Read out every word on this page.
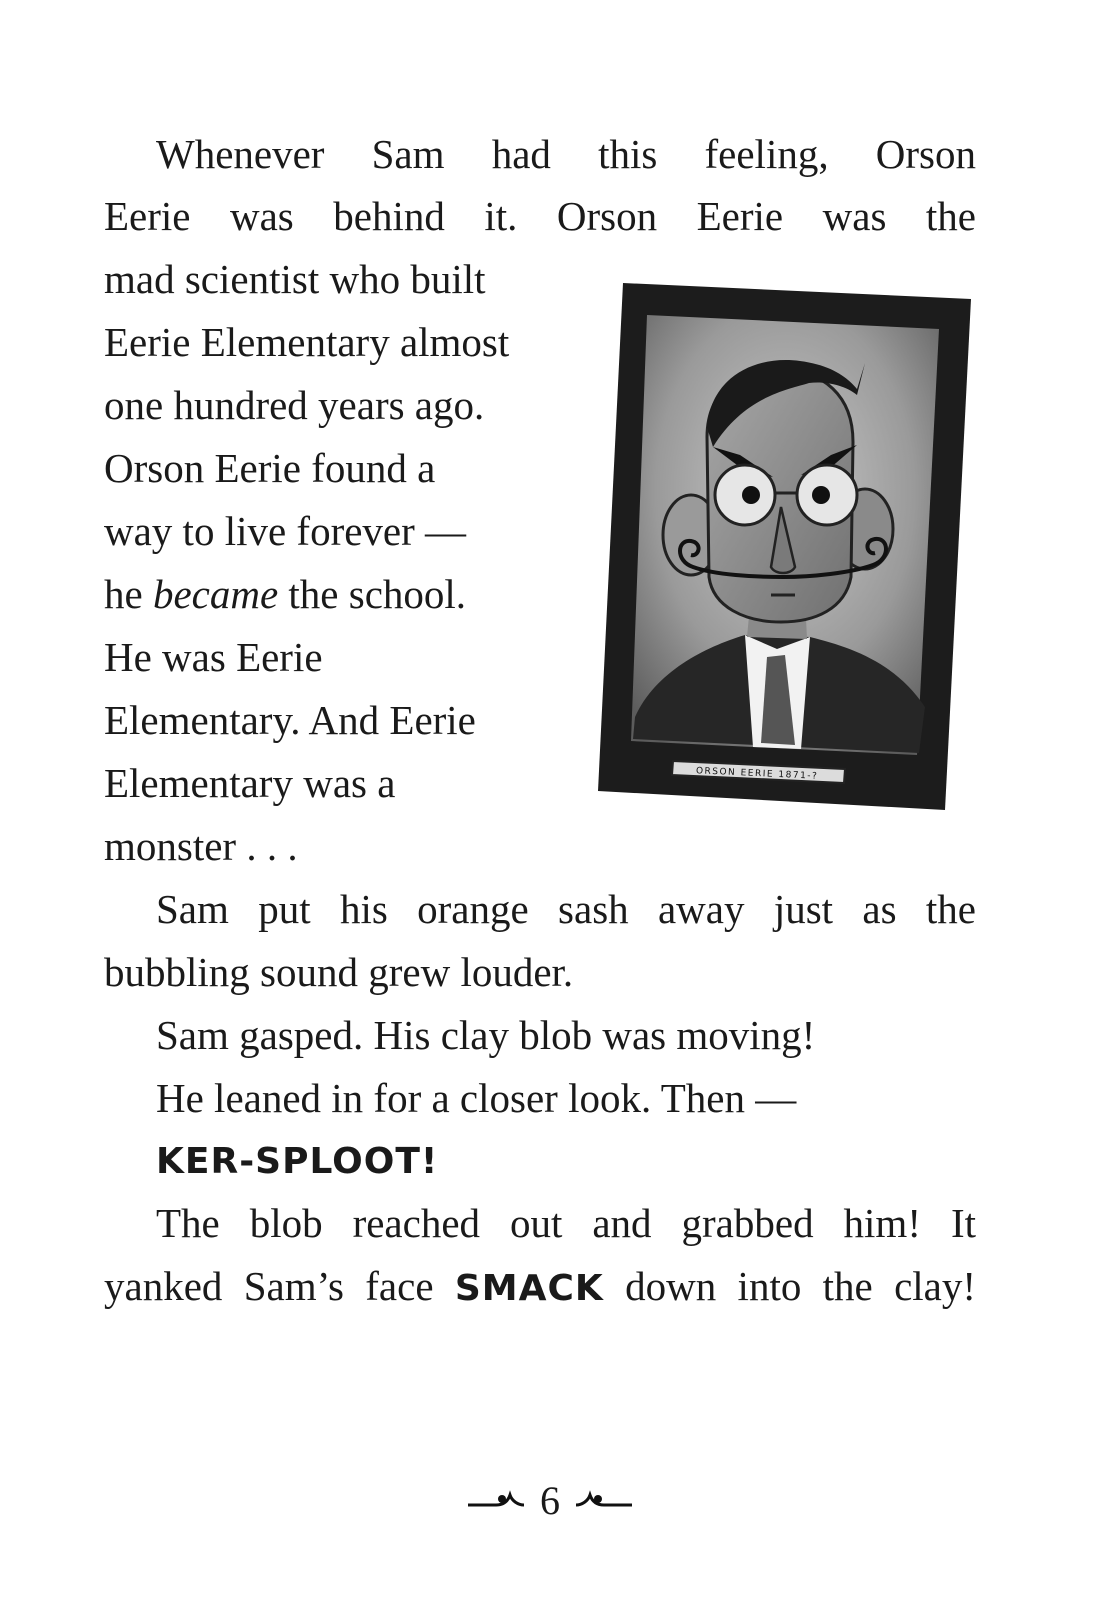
Whenever Sam had this feeling, Orson
Eerie was behind it. Orson Eerie was the
mad scientist who built
Eerie Elementary almost
one hundred years ago.
Orson Eerie found a
way to live forever —
he became the school.
He was Eerie
Elementary. And Eerie
Elementary was a
monster . . .
Sam put his orange sash away just as the
bubbling sound grew louder.
Sam gasped. His clay blob was moving!
He leaned in for a closer look. Then —
KER-SPLOOT!
The blob reached out and grabbed him! It
yanked Sam’s face SMACK down into the clay!
ORSON EERIE 1871-?
6
